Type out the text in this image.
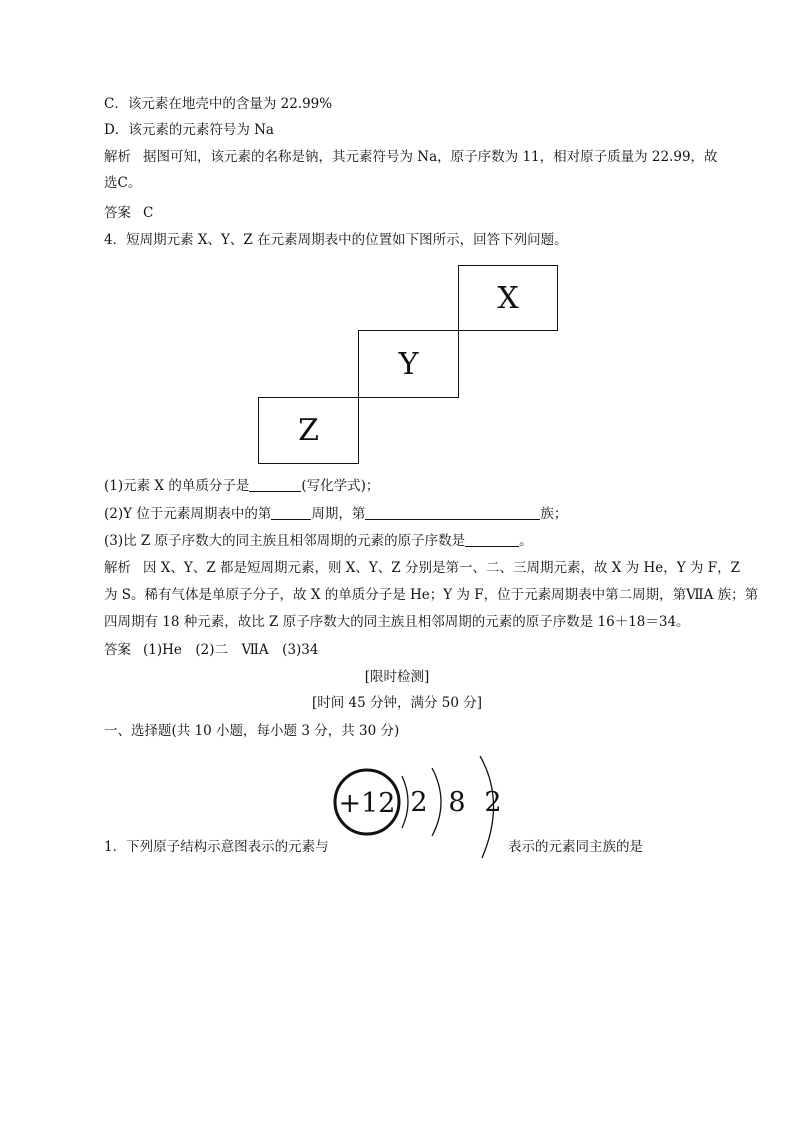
C．该元素在地壳中的含量为 22.99%
D．该元素的元素符号为 Na
解析 据图可知，该元素的名称是钠，其元素符号为 Na，原子序数为 11，相对原子质量为 22.99，故
选C。
答案 C
4．短周期元素 X、Y、Z 在元素周期表中的位置如下图所示，回答下列问题。
X
Y
Z
(1)元素 X 的单质分子是	(写化学式)；
(2)Y 位于元素周期表中的第	周期，第	族；
(3)比 Z 原子序数大的同主族且相邻周期的元素的原子序数是	。
解析 因 X、Y、Z 都是短周期元素，则 X、Y、Z 分别是第一、二、三周期元素，故 X 为 He，Y 为 F，Z
为 S。稀有气体是单原子分子，故 X 的单质分子是 He；Y 为 F，位于元素周期表中第二周期，第ⅦA 族；第
四周期有 18 种元素，故比 Z 原子序数大的同主族且相邻周期的元素的原子序数是 16＋18＝34。
答案 (1)He　(2)二　ⅦA　(3)34
[限时检测]
[时间 45 分钟，满分 50 分]
一、选择题(共 10 小题，每小题 3 分，共 30 分)
+12 2 8 2
1．下列原子结构示意图表示的元素与	表示的元素同主族的是
